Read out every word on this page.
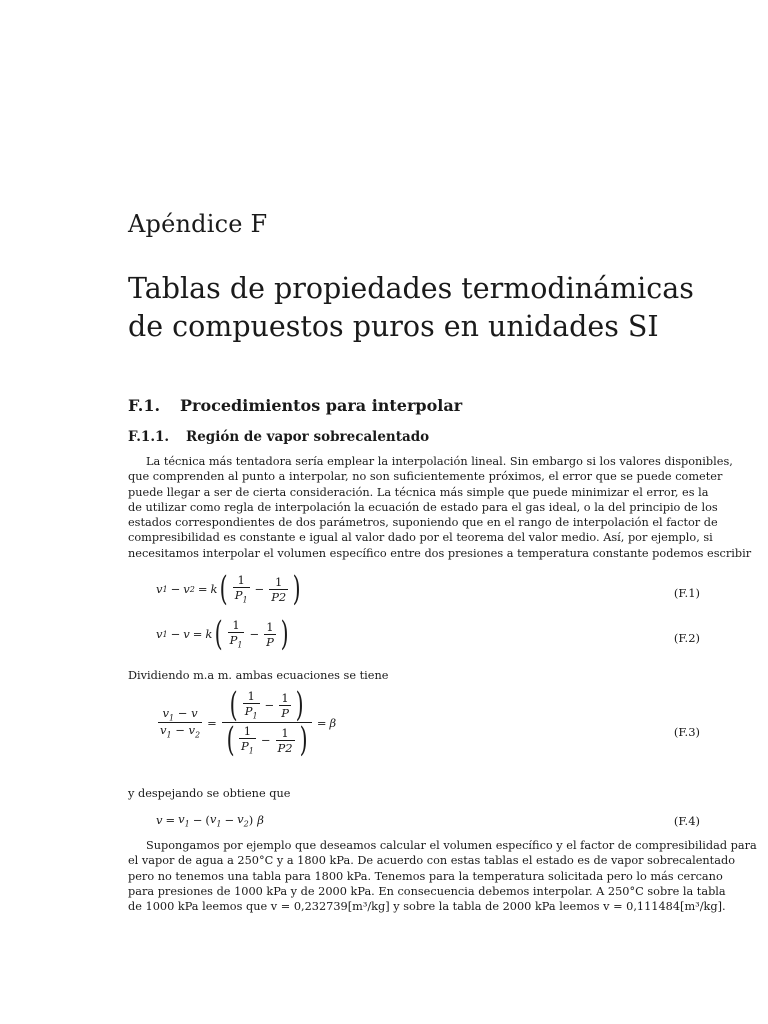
Apéndice F
Tablas de propiedades termodinámicas de compuestos puros en unidades SI
F.1. Procedimientos para interpolar
F.1.1. Región de vapor sobrecalentado
La técnica más tentadora sería emplear la interpolación lineal. Sin embargo si los valores disponibles,
que comprenden al punto a interpolar, no son suficientemente próximos, el error que se puede cometer
puede llegar a ser de cierta consideración. La técnica más simple que puede minimizar el error, es la
de utilizar como regla de interpolación la ecuación de estado para el gas ideal, o la del principio de los
estados correspondientes de dos parámetros, suponiendo que en el rango de interpolación el factor de
compresibilidad es constante e igual al valor dado por el teorema del valor medio. Así, por ejemplo, si
necesitamos interpolar el volumen específico entre dos presiones a temperatura constante podemos escribir
v 1 − v 2 = k ( $\frac{1}{P_1} - \frac{1}{P2}$ )	(F.1)
v 1 − v = k ( $\frac{1}{P_1} - \frac{1}{P}$ )	(F.2)
Dividiendo m.a m. ambas ecuaciones se tiene
$\frac{v_1 - v}{v_1 - v_2} = \frac{( \frac{1}{P_1} - \frac{1}{P} )}{( \frac{1}{P_1} - \frac{1}{P2} )} = \beta$
(F.3)
y despejando se obtiene que
$v = v_1$ − ( $v_1 - v_2$ ) β	(F.4)
Supongamos por ejemplo que deseamos calcular el volumen específico y el factor de compresibilidad para
el vapor de agua a 250°C y a 1800 kPa. De acuerdo con estas tablas el estado es de vapor sobrecalentado
pero no tenemos una tabla para 1800 kPa. Tenemos para la temperatura solicitada pero lo más cercano
para presiones de 1000 kPa y de 2000 kPa. En consecuencia debemos interpolar. A 250°C sobre la tabla
de 1000 kPa leemos que v = 0,232739[m³/kg] y sobre la tabla de 2000 kPa leemos v = 0,111484[m³/kg].
